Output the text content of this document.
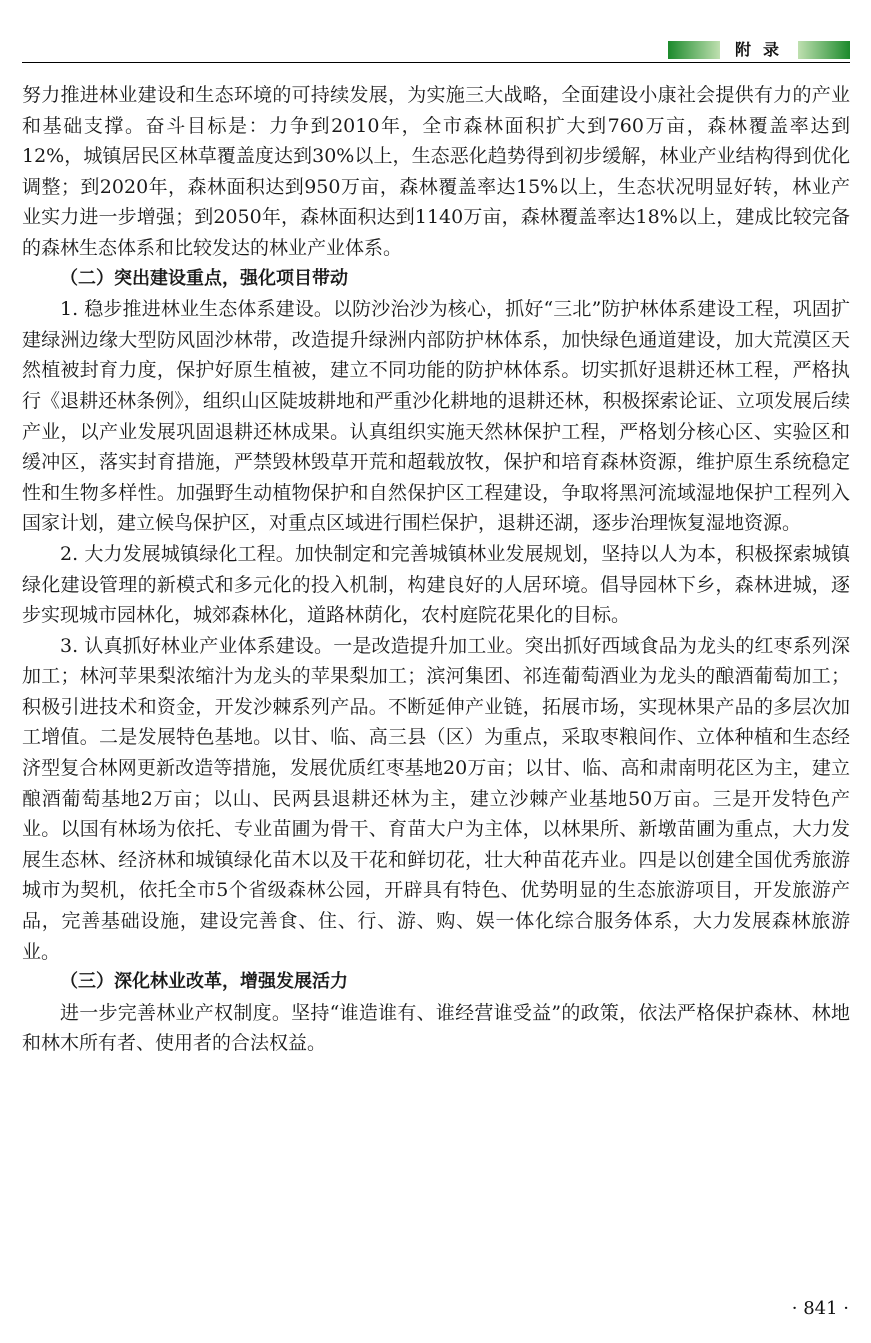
附录

努力推进林业建设和生态环境的可持续发展，为实施三大战略，全面建设小康社会提供有力的产业和基础支撑。奋斗目标是：力争到2010年，全市森林面积扩大到760万亩，森林覆盖率达到12%，城镇居民区林草覆盖度达到30%以上，生态恶化趋势得到初步缓解，林业产业结构得到优化调整；到2020年，森林面积达到950万亩，森林覆盖率达15%以上，生态状况明显好转，林业产业实力进一步增强；到2050年，森林面积达到1140万亩，森林覆盖率达18%以上，建成比较完备的森林生态体系和比较发达的林业产业体系。

（二）突出建设重点，强化项目带动

1. 稳步推进林业生态体系建设。以防沙治沙为核心，抓好“三北”防护林体系建设工程，巩固扩建绿洲边缘大型防风固沙林带，改造提升绿洲内部防护林体系，加快绿色通道建设，加大荒漠区天然植被封育力度，保护好原生植被，建立不同功能的防护林体系。切实抓好退耕还林工程，严格执行《退耕还林条例》，组织山区陡坡耕地和严重沙化耕地的退耕还林，积极探索论证、立项发展后续产业，以产业发展巩固退耕还林成果。认真组织实施天然林保护工程，严格划分核心区、实验区和缓冲区，落实封育措施，严禁毁林毁草开荒和超载放牧，保护和培育森林资源，维护原生系统稳定性和生物多样性。加强野生动植物保护和自然保护区工程建设，争取将黑河流域湿地保护工程列入国家计划，建立候鸟保护区，对重点区域进行围栏保护，退耕还湖，逐步治理恢复湿地资源。

2. 大力发展城镇绿化工程。加快制定和完善城镇林业发展规划，坚持以人为本，积极探索城镇绿化建设管理的新模式和多元化的投入机制，构建良好的人居环境。倡导园林下乡，森林进城，逐步实现城市园林化，城郊森林化，道路林荫化，农村庭院花果化的目标。

3. 认真抓好林业产业体系建设。一是改造提升加工业。突出抓好西域食品为龙头的红枣系列深加工；林河苹果梨浓缩汁为龙头的苹果梨加工；滨河集团、祁连葡萄酒业为龙头的酿酒葡萄加工；积极引进技术和资金，开发沙棘系列产品。不断延伸产业链，拓展市场，实现林果产品的多层次加工增值。二是发展特色基地。以甘、临、高三县（区）为重点，采取枣粮间作、立体种植和生态经济型复合林网更新改造等措施，发展优质红枣基地20万亩；以甘、临、高和肃南明花区为主，建立酿酒葡萄基地2万亩；以山、民两县退耕还林为主，建立沙棘产业基地50万亩。三是开发特色产业。以国有林场为依托、专业苗圃为骨干、育苗大户为主体，以林果所、新墩苗圃为重点，大力发展生态林、经济林和城镇绿化苗木以及干花和鲜切花，壮大种苗花卉业。四是以创建全国优秀旅游城市为契机，依托全市5个省级森林公园，开辟具有特色、优势明显的生态旅游项目，开发旅游产品，完善基础设施，建设完善食、住、行、游、购、娱一体化综合服务体系，大力发展森林旅游业。

（三）深化林业改革，增强发展活力

进一步完善林业产权制度。坚持“谁造谁有、谁经营谁受益”的政策，依法严格保护森林、林地和林木所有者、使用者的合法权益。

· 841 ·
